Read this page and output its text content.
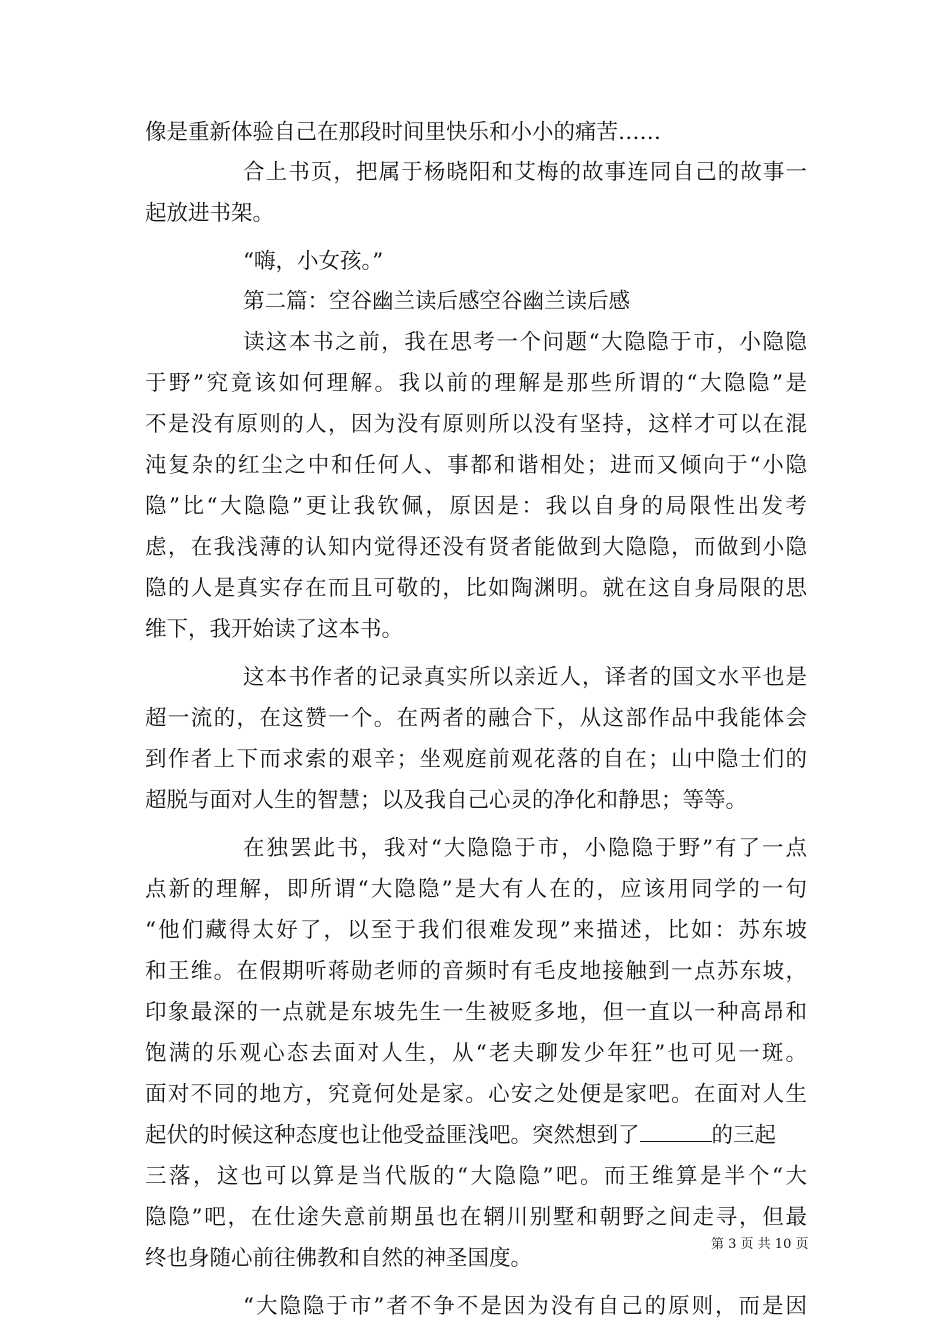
像是重新体验自己在那段时间里快乐和小小的痛苦……
合上书页，把属于杨晓阳和艾梅的故事连同自己的故事一
起放进书架。
“嗨，小女孩。”
第二篇：空谷幽兰读后感空谷幽兰读后感
读这本书之前，我在思考一个问题“大隐隐于市，小隐隐
于野”究竟该如何理解。我以前的理解是那些所谓的“大隐隐”是
不是没有原则的人，因为没有原则所以没有坚持，这样才可以在混
沌复杂的红尘之中和任何人、事都和谐相处；进而又倾向于“小隐
隐”比“大隐隐”更让我钦佩，原因是：我以自身的局限性出发考
虑，在我浅薄的认知内觉得还没有贤者能做到大隐隐，而做到小隐
隐的人是真实存在而且可敬的，比如陶渊明。就在这自身局限的思
维下，我开始读了这本书。
这本书作者的记录真实所以亲近人，译者的国文水平也是
超一流的，在这赞一个。在两者的融合下，从这部作品中我能体会
到作者上下而求索的艰辛；坐观庭前观花落的自在；山中隐士们的
超脱与面对人生的智慧；以及我自己心灵的净化和静思；等等。
在独罢此书，我对“大隐隐于市，小隐隐于野”有了一点
点新的理解，即所谓“大隐隐”是大有人在的，应该用同学的一句
“他们藏得太好了，以至于我们很难发现”来描述，比如：苏东坡
和王维。在假期听蒋勋老师的音频时有毛皮地接触到一点苏东坡，
印象最深的一点就是东坡先生一生被贬多地，但一直以一种高昂和
饱满的乐观心态去面对人生，从“老夫聊发少年狂”也可见一斑。
面对不同的地方，究竟何处是家。心安之处便是家吧。在面对人生
起伏的时候这种态度也让他受益匪浅吧。突然想到了	的三起
三落，这也可以算是当代版的“大隐隐”吧。而王维算是半个“大
隐隐”吧，在仕途失意前期虽也在辋川别墅和朝野之间走寻，但最
终也身随心前往佛教和自然的神圣国度。
“大隐隐于市”者不争不是因为没有自己的原则，而是因
第 3 页 共 10 页
